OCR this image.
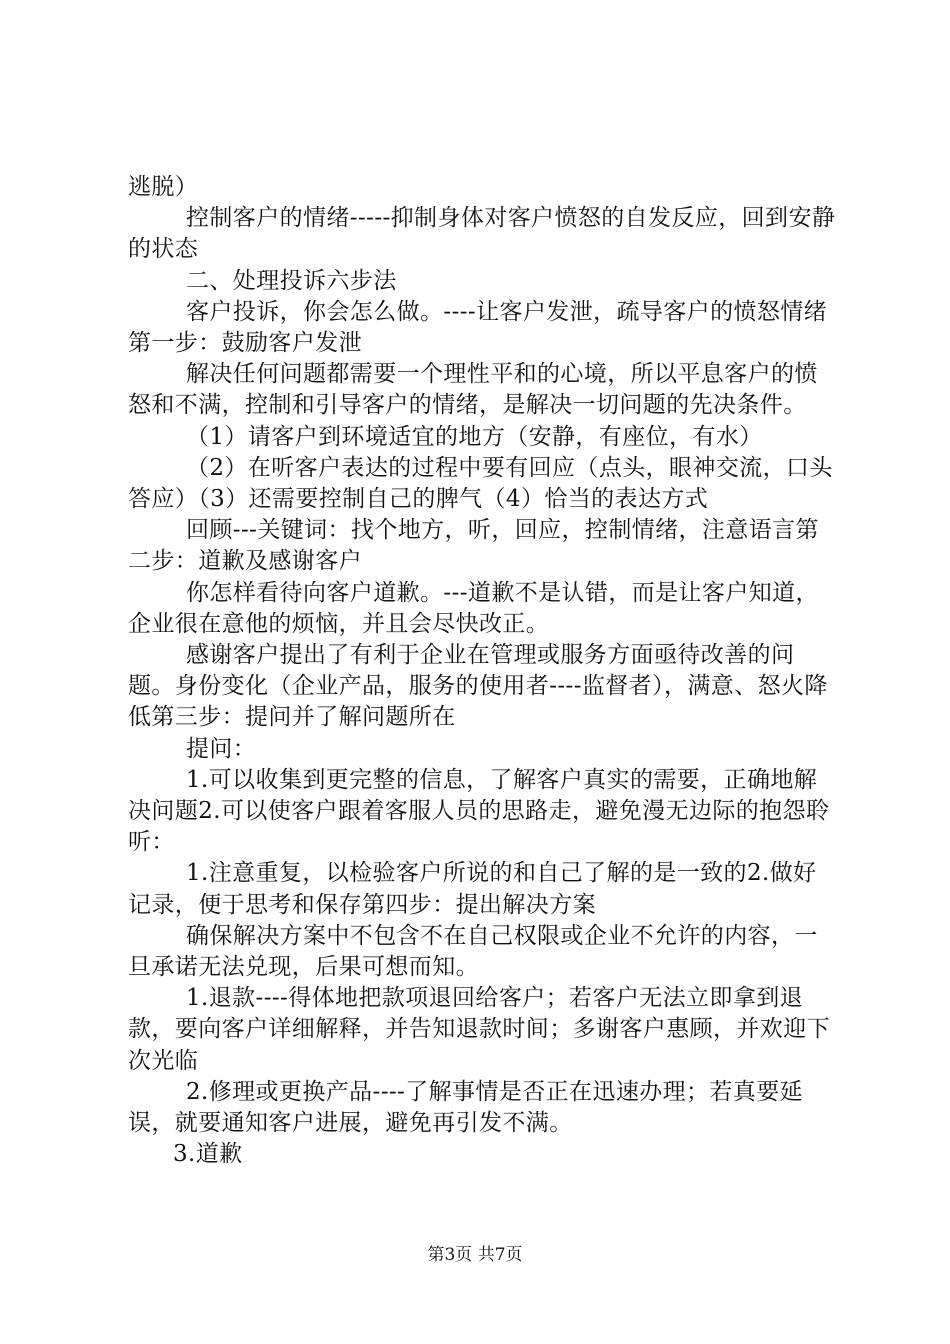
逃脱）

控制客户的情绪-----抑制身体对客户愤怒的自发反应，回到安静的状态

二、处理投诉六步法

客户投诉，你会怎么做。----让客户发泄，疏导客户的愤怒情绪第一步：鼓励客户发泄

解决任何问题都需要一个理性平和的心境，所以平息客户的愤怒和不满，控制和引导客户的情绪，是解决一切问题的先决条件。

（1）请客户到环境适宜的地方（安静，有座位，有水）

（2）在听客户表达的过程中要有回应（点头，眼神交流，口头答应）（3）还需要控制自己的脾气（4）恰当的表达方式

回顾---关键词：找个地方，听，回应，控制情绪，注意语言第二步：道歉及感谢客户

你怎样看待向客户道歉。---道歉不是认错，而是让客户知道，企业很在意他的烦恼，并且会尽快改正。

感谢客户提出了有利于企业在管理或服务方面亟待改善的问题。身份变化（企业产品，服务的使用者----监督者），满意、怒火降低第三步：提问并了解问题所在

提问：

1.可以收集到更完整的信息，了解客户真实的需要，正确地解决问题2.可以使客户跟着客服人员的思路走，避免漫无边际的抱怨聆听：

1.注意重复，以检验客户所说的和自己了解的是一致的2.做好记录，便于思考和保存第四步：提出解决方案

确保解决方案中不包含不在自己权限或企业不允许的内容，一旦承诺无法兑现，后果可想而知。

1.退款----得体地把款项退回给客户；若客户无法立即拿到退款，要向客户详细解释，并告知退款时间；多谢客户惠顾，并欢迎下次光临

2.修理或更换产品----了解事情是否正在迅速办理；若真要延误，就要通知客户进展，避免再引发不满。

3.道歉

第3页 共7页
